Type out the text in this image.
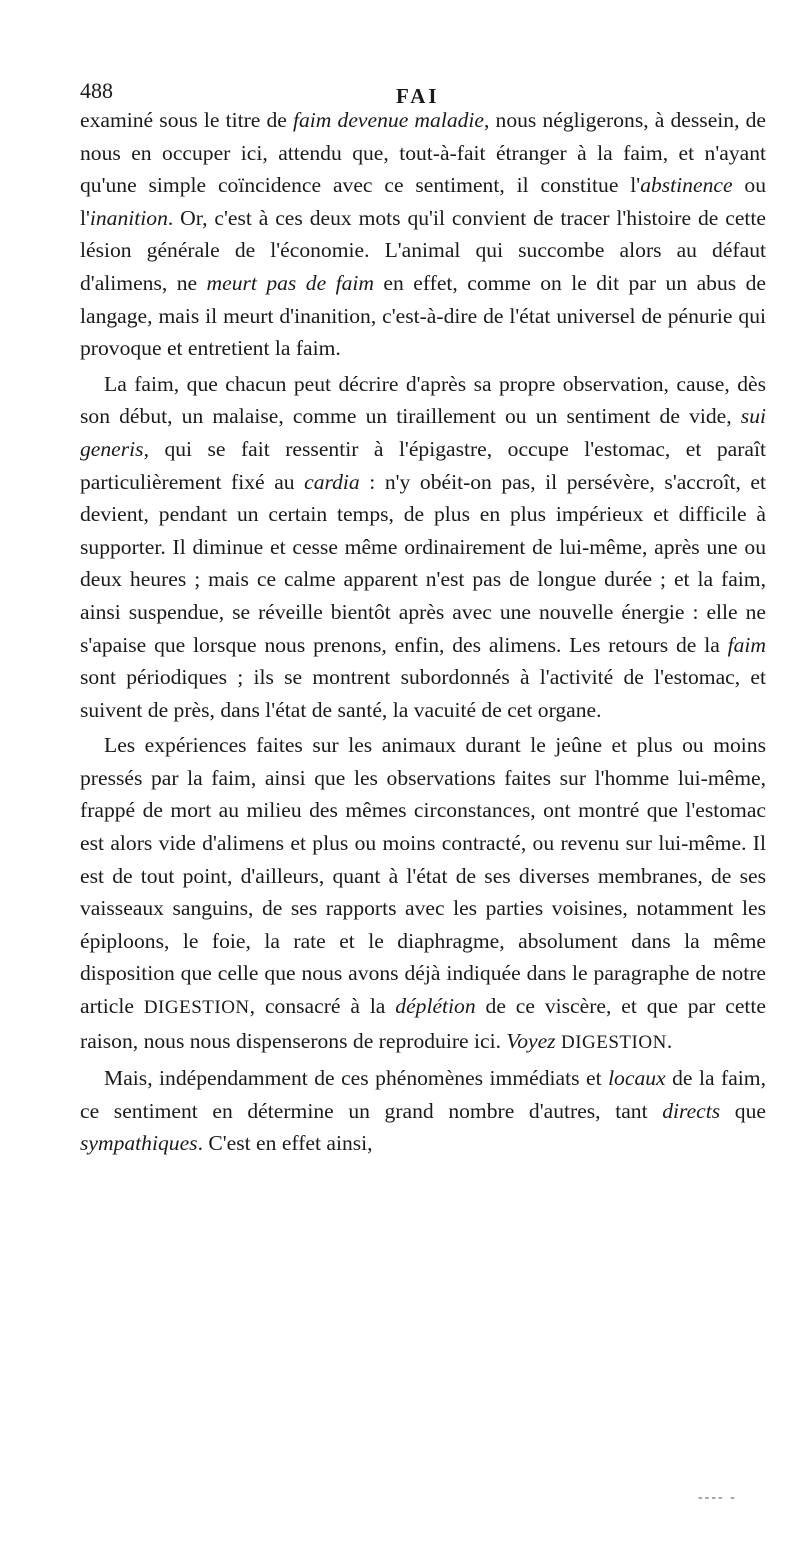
488	FAI

examiné sous le titre de faim devenue maladie, nous négligerons, à dessein, de nous en occuper ici, attendu que, tout-à-fait étranger à la faim, et n'ayant qu'une simple coïncidence avec ce sentiment, il constitue l'abstinence ou l'inanition. Or, c'est à ces deux mots qu'il convient de tracer l'histoire de cette lésion générale de l'économie. L'animal qui succombe alors au défaut d'alimens, ne meurt pas de faim en effet, comme on le dit par un abus de langage, mais il meurt d'inanition, c'est-à-dire de l'état universel de pénurie qui provoque et entretient la faim.

La faim, que chacun peut décrire d'après sa propre observation, cause, dès son début, un malaise, comme un tiraillement ou un sentiment de vide, sui generis, qui se fait ressentir à l'épigastre, occupe l'estomac, et paraît particulièrement fixé au cardia : n'y obéit-on pas, il persévère, s'accroît, et devient, pendant un certain temps, de plus en plus impérieux et difficile à supporter. Il diminue et cesse même ordinairement de lui-même, après une ou deux heures ; mais ce calme apparent n'est pas de longue durée ; et la faim, ainsi suspendue, se réveille bientôt après avec une nouvelle énergie : elle ne s'apaise que lorsque nous prenons, enfin, des alimens. Les retours de la faim sont périodiques ; ils se montrent subordonnés à l'activité de l'estomac, et suivent de près, dans l'état de santé, la vacuité de cet organe.

Les expériences faites sur les animaux durant le jeûne et plus ou moins pressés par la faim, ainsi que les observations faites sur l'homme lui-même, frappé de mort au milieu des mêmes circonstances, ont montré que l'estomac est alors vide d'alimens et plus ou moins contracté, ou revenu sur lui-même. Il est de tout point, d'ailleurs, quant à l'état de ses diverses membranes, de ses vaisseaux sanguins, de ses rapports avec les parties voisines, notamment les épiploons, le foie, la rate et le diaphragme, absolument dans la même disposition que celle que nous avons déjà indiquée dans le paragraphe de notre article DIGESTION, consacré à la déplétion de ce viscère, et que par cette raison, nous nous dispenserons de reproduire ici. Voyez DIGESTION.

Mais, indépendamment de ces phénomènes immédiats et locaux de la faim, ce sentiment en détermine un grand nombre d'autres, tant directs que sympathiques. C'est en effet ainsi,

---- -
